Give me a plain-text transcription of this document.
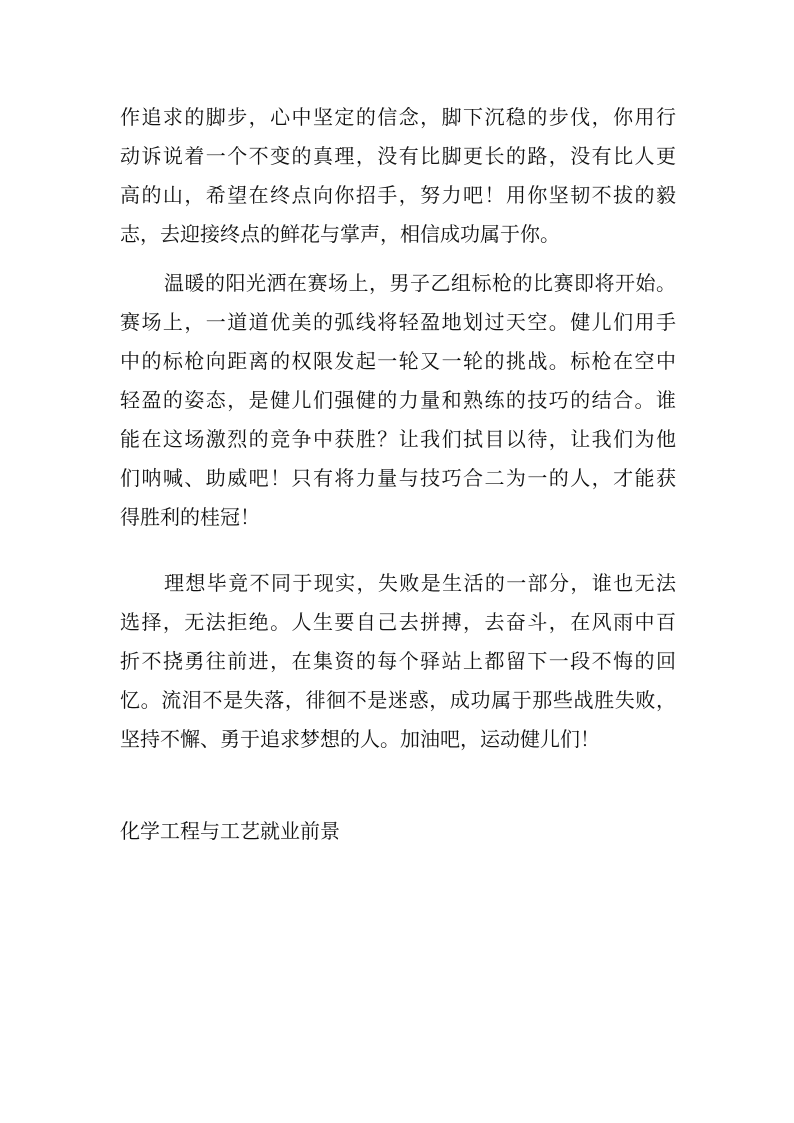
作追求的脚步，心中坚定的信念，脚下沉稳的步伐，你用行
动诉说着一个不变的真理，没有比脚更长的路，没有比人更
高的山，希望在终点向你招手，努力吧！用你坚韧不拔的毅
志，去迎接终点的鲜花与掌声，相信成功属于你。
温暖的阳光洒在赛场上，男子乙组标枪的比赛即将开始。
赛场上，一道道优美的弧线将轻盈地划过天空。健儿们用手
中的标枪向距离的权限发起一轮又一轮的挑战。标枪在空中
轻盈的姿态，是健儿们强健的力量和熟练的技巧的结合。谁
能在这场激烈的竞争中获胜？让我们拭目以待，让我们为他
们呐喊、助威吧！只有将力量与技巧合二为一的人，才能获
得胜利的桂冠！
理想毕竟不同于现实，失败是生活的一部分，谁也无法
选择，无法拒绝。人生要自己去拼搏，去奋斗，在风雨中百
折不挠勇往前进，在集资的每个驿站上都留下一段不悔的回
忆。流泪不是失落，徘徊不是迷惑，成功属于那些战胜失败，
坚持不懈、勇于追求梦想的人。加油吧，运动健儿们！
化学工程与工艺就业前景
